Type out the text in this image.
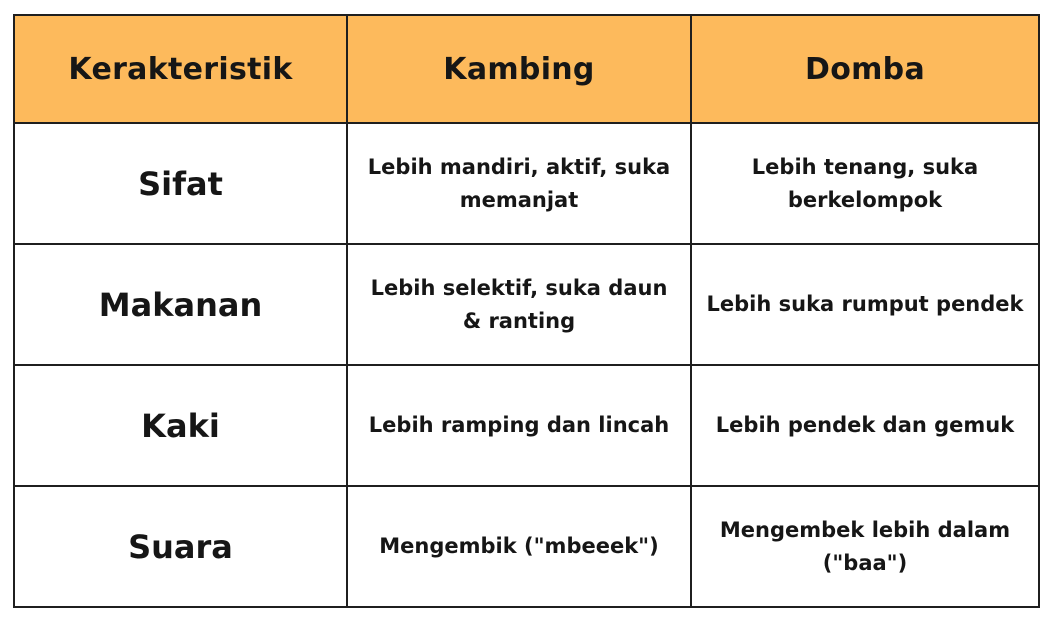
Kerakteristik	Kambing	Domba
Sifat	Lebih mandiri, aktif, suka memanjat	Lebih tenang, suka berkelompok
Makanan	Lebih selektif, suka daun & ranting	Lebih suka rumput pendek
Kaki	Lebih ramping dan lincah	Lebih pendek dan gemuk
Suara	Mengembik ("mbeeek")	Mengembek lebih dalam ("baa")
